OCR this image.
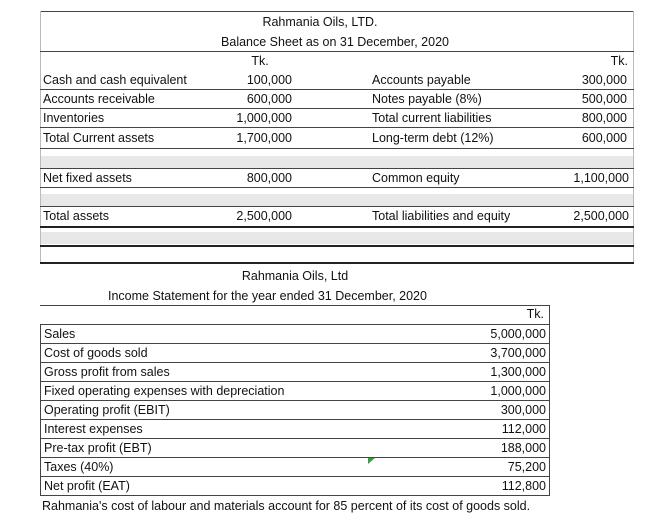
Rahmania Oils, LTD.
Balance Sheet as on 31 December, 2020
Tk.	Tk.
Cash and cash equivalent	100,000	Accounts payable	300,000
Accounts receivable	600,000	Notes payable (8%)	500,000
Inventories	1,000,000	Total current liabilities	800,000
Total Current assets	1,700,000	Long-term debt (12%)	600,000
Net fixed assets	800,000	Common equity	1,100,000
Total assets	2,500,000	Total liabilities and equity	2,500,000
Rahmania Oils, Ltd
Income Statement for the year ended 31 December, 2020
Tk.
Sales	5,000,000
Cost of goods sold	3,700,000
Gross profit from sales	1,300,000
Fixed operating expenses with depreciation	1,000,000
Operating profit (EBIT)	300,000
Interest expenses	112,000
Pre-tax profit (EBT)	188,000
Taxes (40%)	75,200
Net profit (EAT)	112,800
Rahmania's cost of labour and materials account for 85 percent of its cost of goods sold.
